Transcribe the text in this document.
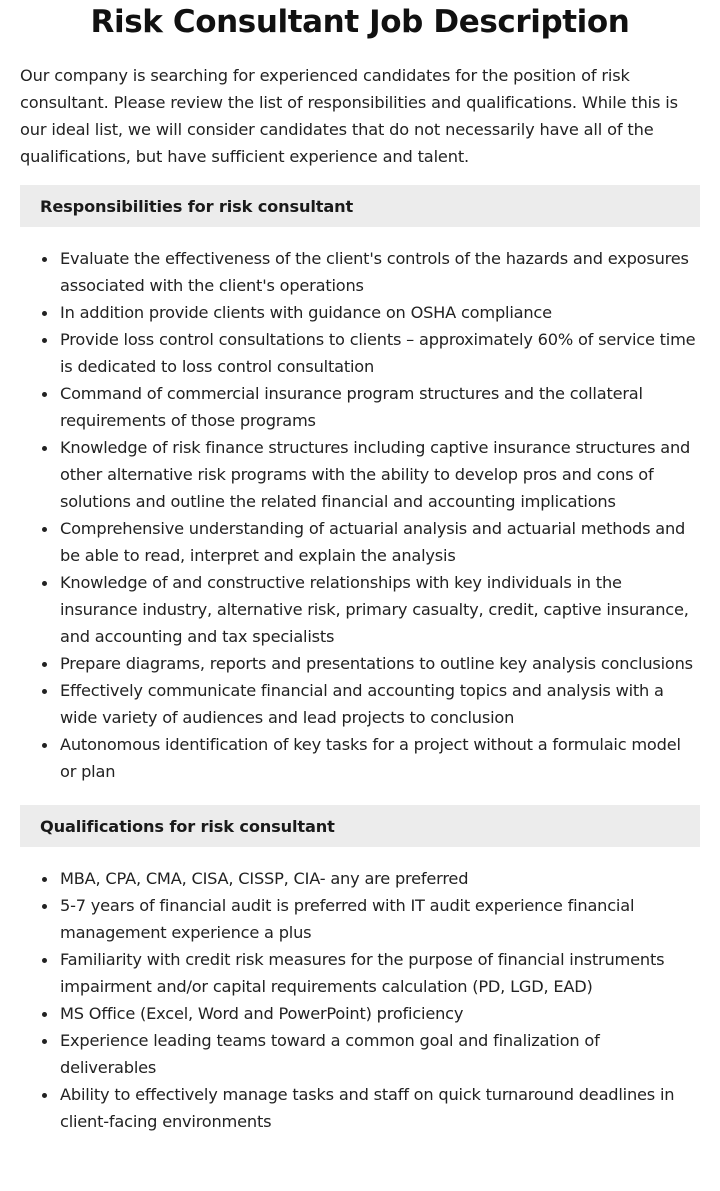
Risk Consultant Job Description

Our company is searching for experienced candidates for the position of risk consultant. Please review the list of responsibilities and qualifications. While this is our ideal list, we will consider candidates that do not necessarily have all of the qualifications, but have sufficient experience and talent.

Responsibilities for risk consultant
Evaluate the effectiveness of the client's controls of the hazards and exposures associated with the client's operations
In addition provide clients with guidance on OSHA compliance
Provide loss control consultations to clients – approximately 60% of service time is dedicated to loss control consultation
Command of commercial insurance program structures and the collateral requirements of those programs
Knowledge of risk finance structures including captive insurance structures and other alternative risk programs with the ability to develop pros and cons of solutions and outline the related financial and accounting implications
Comprehensive understanding of actuarial analysis and actuarial methods and be able to read, interpret and explain the analysis
Knowledge of and constructive relationships with key individuals in the insurance industry, alternative risk, primary casualty, credit, captive insurance, and accounting and tax specialists
Prepare diagrams, reports and presentations to outline key analysis conclusions
Effectively communicate financial and accounting topics and analysis with a wide variety of audiences and lead projects to conclusion
Autonomous identification of key tasks for a project without a formulaic model or plan
Qualifications for risk consultant
MBA, CPA, CMA, CISA, CISSP, CIA- any are preferred
5-7 years of financial audit is preferred with IT audit experience financial management experience a plus
Familiarity with credit risk measures for the purpose of financial instruments impairment and/or capital requirements calculation (PD, LGD, EAD)
MS Office (Excel, Word and PowerPoint) proficiency
Experience leading teams toward a common goal and finalization of deliverables
Ability to effectively manage tasks and staff on quick turnaround deadlines in client-facing environments
